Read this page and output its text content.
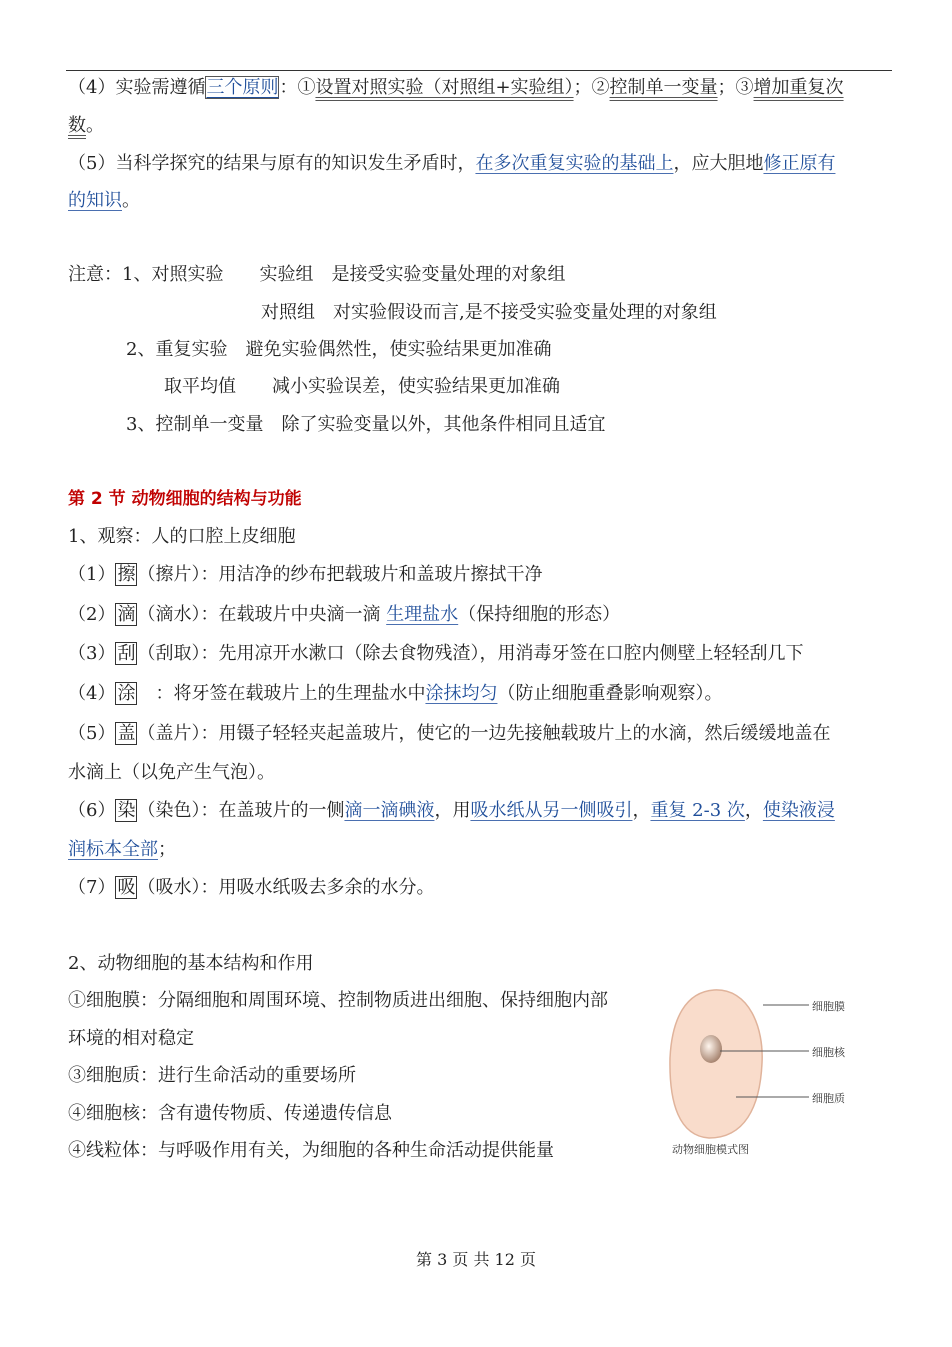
（4）实验需遵循三个原则：①设置对照实验（对照组+实验组）；②控制单一变量；③增加重复次
数。
（5）当科学探究的结果与原有的知识发生矛盾时，在多次重复实验的基础上，应大胆地修正原有
的知识。
注意：1、对照实验　　实验组　是接受实验变量处理的对象组
对照组　对实验假设而言,是不接受实验变量处理的对象组
2、重复实验　避免实验偶然性，使实验结果更加准确
取平均值　　减小实验误差，使实验结果更加准确
3、控制单一变量　除了实验变量以外，其他条件相同且适宜
第 2 节 动物细胞的结构与功能
1、观察：人的口腔上皮细胞
（1） 擦 （擦片）：用洁净的纱布把载玻片和盖玻片擦拭干净
（2） 滴 （滴水）：在载玻片中央滴一滴 生理盐水（保持细胞的形态）
（3） 刮 （刮取）：先用凉开水漱口（除去食物残渣），用消毒牙签在口腔内侧壁上轻轻刮几下
（4） 涂　：将牙签在载玻片上的生理盐水中涂抹均匀（防止细胞重叠影响观察）。
（5） 盖 （盖片）：用镊子轻轻夹起盖玻片，使它的一边先接触载玻片上的水滴，然后缓缓地盖在
水滴上（以免产生气泡）。
（6） 染 （染色）：在盖玻片的一侧滴一滴碘液，用吸水纸从另一侧吸引，重复 2-3 次，使染液浸
润标本全部；
（7） 吸 （吸水）：用吸水纸吸去多余的水分。
2、动物细胞的基本结构和作用
①细胞膜：分隔细胞和周围环境、控制物质进出细胞、保持细胞内部
环境的相对稳定
③细胞质：进行生命活动的重要场所
④细胞核：含有遗传物质、传递遗传信息
④线粒体：与呼吸作用有关，为细胞的各种生命活动提供能量
细胞膜
细胞核
细胞质
动物细胞模式图
第 3 页 共 12 页
